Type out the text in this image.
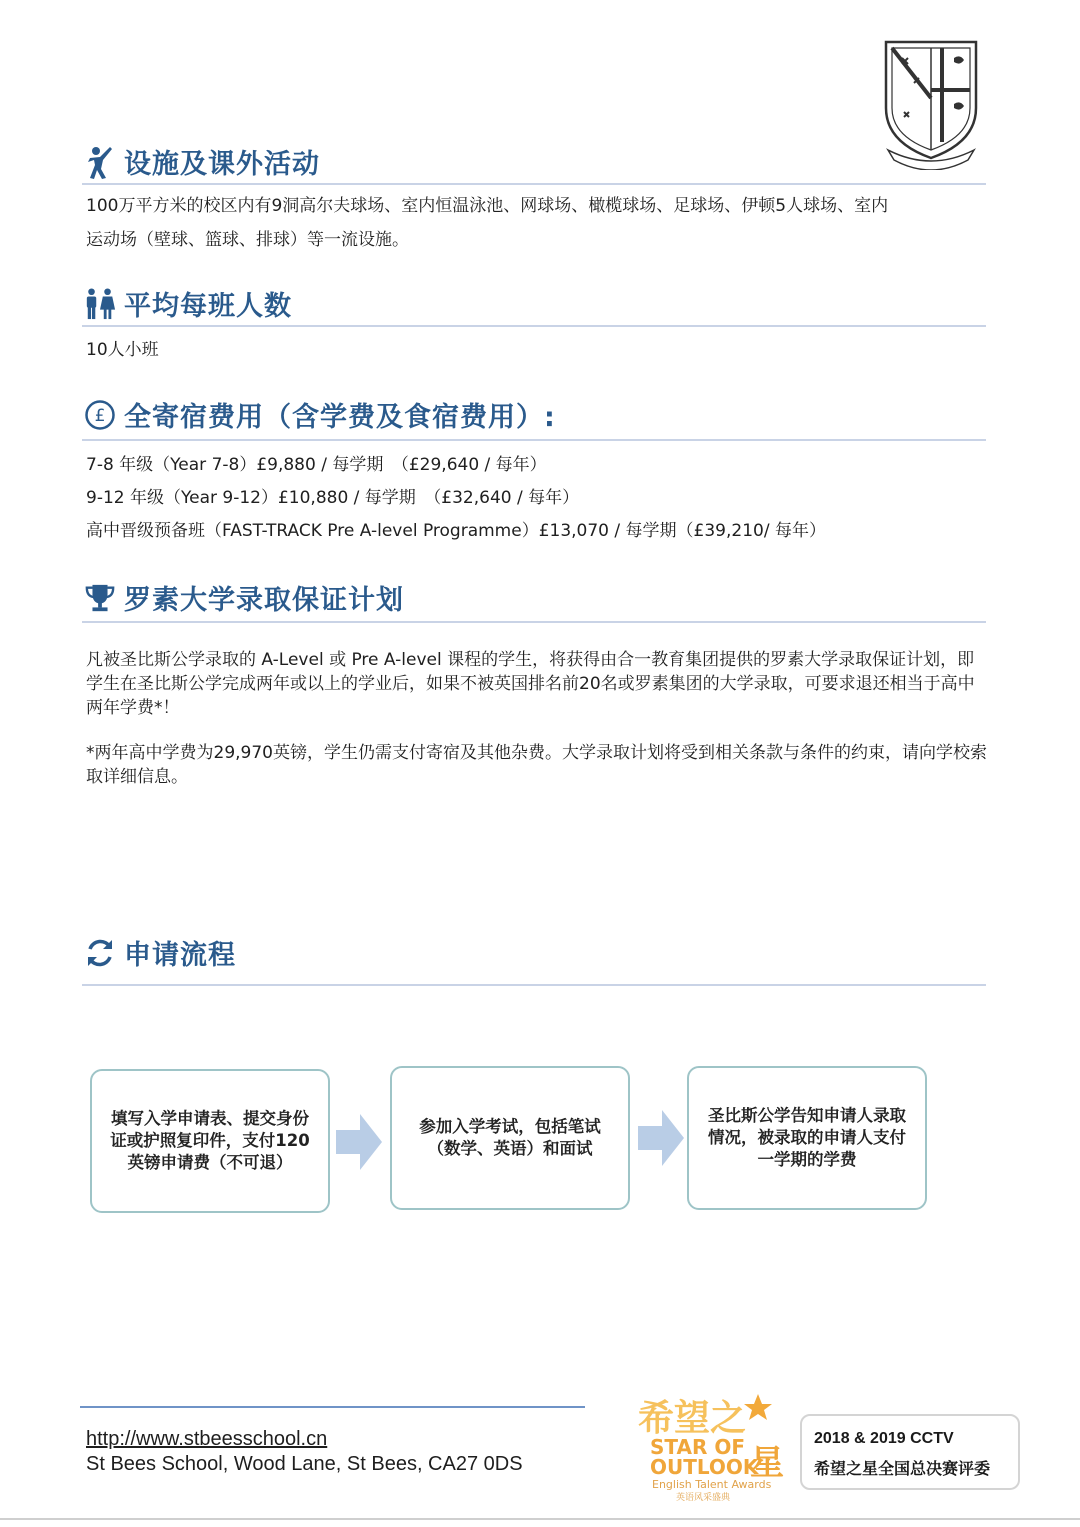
设施及课外活动
100万平方米的校区内有9洞高尔夫球场、室内恒温泳池、网球场、橄榄球场、足球场、伊顿5人球场、室内
运动场（壁球、篮球、排球）等一流设施。
平均每班人数
10人小班
£ 全寄宿费用（含学费及食宿费用）:
7-8 年级（Year 7-8）£9,880 / 每学期　（£29,640 / 每年）
9-12 年级（Year 9-12）£10,880 / 每学期　（£32,640 / 每年）
高中晋级预备班（FAST-TRACK Pre A-level Programme）£13,070 / 每学期（£39,210/ 每年）
罗素大学录取保证计划
凡被圣比斯公学录取的 A-Level 或 Pre A-level 课程的学生，将获得由合一教育集团提供的罗素大学录取保证计划，即学生在圣比斯公学完成两年或以上的学业后，如果不被英国排名前20名或罗素集团的大学录取，可要求退还相当于高中两年学费*！
*两年高中学费为29,970英镑，学生仍需支付寄宿及其他杂费。大学录取计划将受到相关条款与条件的约束，请向学校索取详细信息。
申请流程
填写入学申请表、提交身份证或护照复印件，支付120英镑申请费（不可退）
参加入学考试，包括笔试（数学、英语）和面试
圣比斯公学告知申请人录取情况，被录取的申请人支付一学期的学费
http://www.stbeesschool.cn
St Bees School, Wood Lane, St Bees, CA27 0DS
希望之
STAR OF
OUTLOOK
星
English Talent Awards
英语风采盛典
2018 & 2019 CCTV
希望之星全国总决赛评委
